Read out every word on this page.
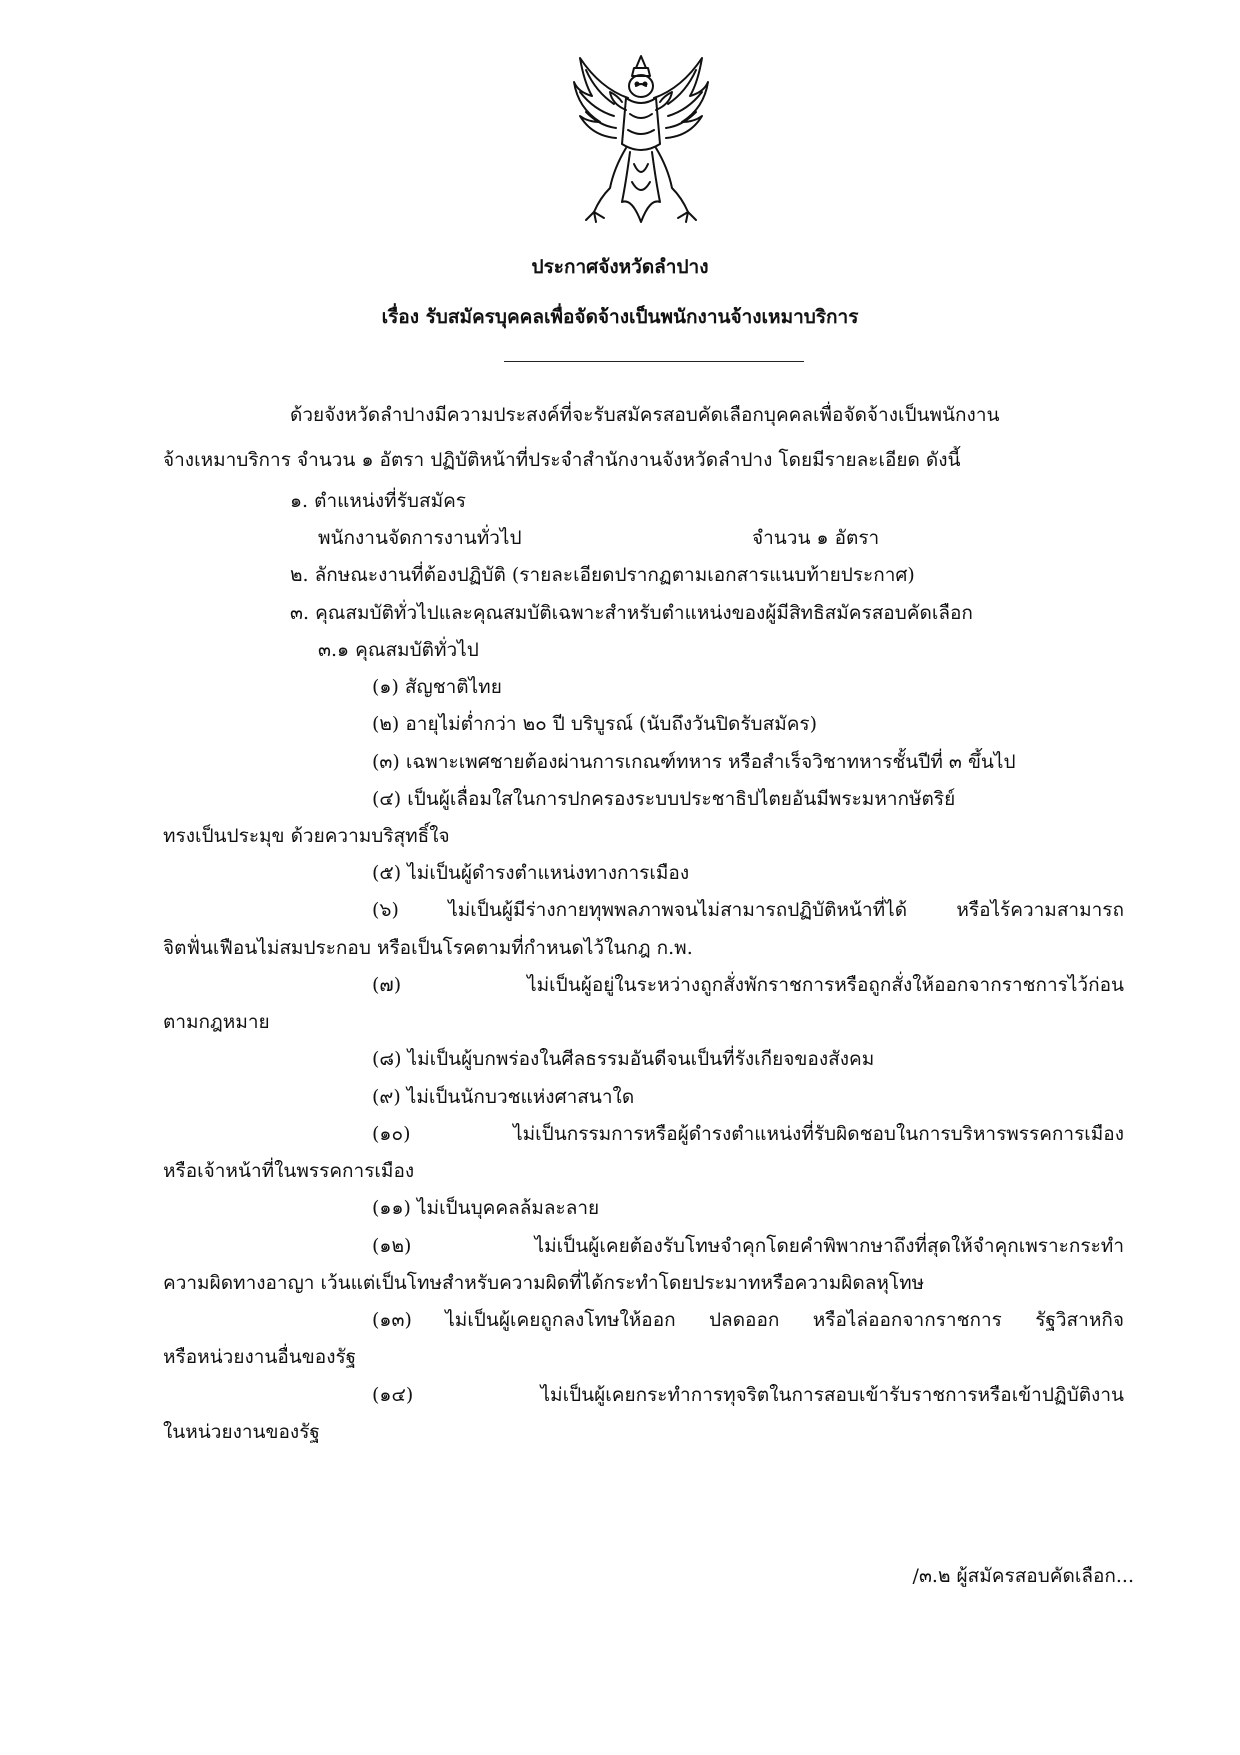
ประกาศจังหวัดลำปาง
เรื่อง รับสมัครบุคคลเพื่อจัดจ้างเป็นพนักงานจ้างเหมาบริการ
ด้วยจังหวัดลำปางมีความประสงค์ที่จะรับสมัครสอบคัดเลือกบุคคลเพื่อจัดจ้างเป็นพนักงาน
จ้างเหมาบริการ จำนวน ๑ อัตรา ปฏิบัติหน้าที่ประจำสำนักงานจังหวัดลำปาง โดยมีรายละเอียด ดังนี้
๑. ตำแหน่งที่รับสมัคร
พนักงานจัดการงานทั่วไป	จำนวน ๑ อัตรา
๒. ลักษณะงานที่ต้องปฏิบัติ (รายละเอียดปรากฏตามเอกสารแนบท้ายประกาศ)
๓. คุณสมบัติทั่วไปและคุณสมบัติเฉพาะสำหรับตำแหน่งของผู้มีสิทธิสมัครสอบคัดเลือก
๓.๑ คุณสมบัติทั่วไป
(๑) สัญชาติไทย
(๒) อายุไม่ต่ำกว่า ๒๐ ปี บริบูรณ์ (นับถึงวันปิดรับสมัคร)
(๓) เฉพาะเพศชายต้องผ่านการเกณฑ์ทหาร หรือสำเร็จวิชาทหารชั้นปีที่ ๓ ขึ้นไป
(๔) เป็นผู้เลื่อมใสในการปกครองระบบประชาธิปไตยอันมีพระมหากษัตริย์
ทรงเป็นประมุข ด้วยความบริสุทธิ์ใจ
(๕) ไม่เป็นผู้ดำรงตำแหน่งทางการเมือง
(๖) ไม่เป็นผู้มีร่างกายทุพพลภาพจนไม่สามารถปฏิบัติหน้าที่ได้ หรือไร้ความสามารถ
จิตฟั่นเฟือนไม่สมประกอบ หรือเป็นโรคตามที่กำหนดไว้ในกฎ ก.พ.
(๗) ไม่เป็นผู้อยู่ในระหว่างถูกสั่งพักราชการหรือถูกสั่งให้ออกจากราชการไว้ก่อน
ตามกฎหมาย
(๘) ไม่เป็นผู้บกพร่องในศีลธรรมอันดีจนเป็นที่รังเกียจของสังคม
(๙) ไม่เป็นนักบวชแห่งศาสนาใด
(๑๐) ไม่เป็นกรรมการหรือผู้ดำรงตำแหน่งที่รับผิดชอบในการบริหารพรรคการเมือง
หรือเจ้าหน้าที่ในพรรคการเมือง
(๑๑) ไม่เป็นบุคคลล้มละลาย
(๑๒) ไม่เป็นผู้เคยต้องรับโทษจำคุกโดยคำพิพากษาถึงที่สุดให้จำคุกเพราะกระทำ
ความผิดทางอาญา เว้นแต่เป็นโทษสำหรับความผิดที่ได้กระทำโดยประมาทหรือความผิดลหุโทษ
(๑๓) ไม่เป็นผู้เคยถูกลงโทษให้ออก ปลดออก หรือไล่ออกจากราชการ รัฐวิสาหกิจ
หรือหน่วยงานอื่นของรัฐ
(๑๔) ไม่เป็นผู้เคยกระทำการทุจริตในการสอบเข้ารับราชการหรือเข้าปฏิบัติงาน
ในหน่วยงานของรัฐ
/๓.๒ ผู้สมัครสอบคัดเลือก...
